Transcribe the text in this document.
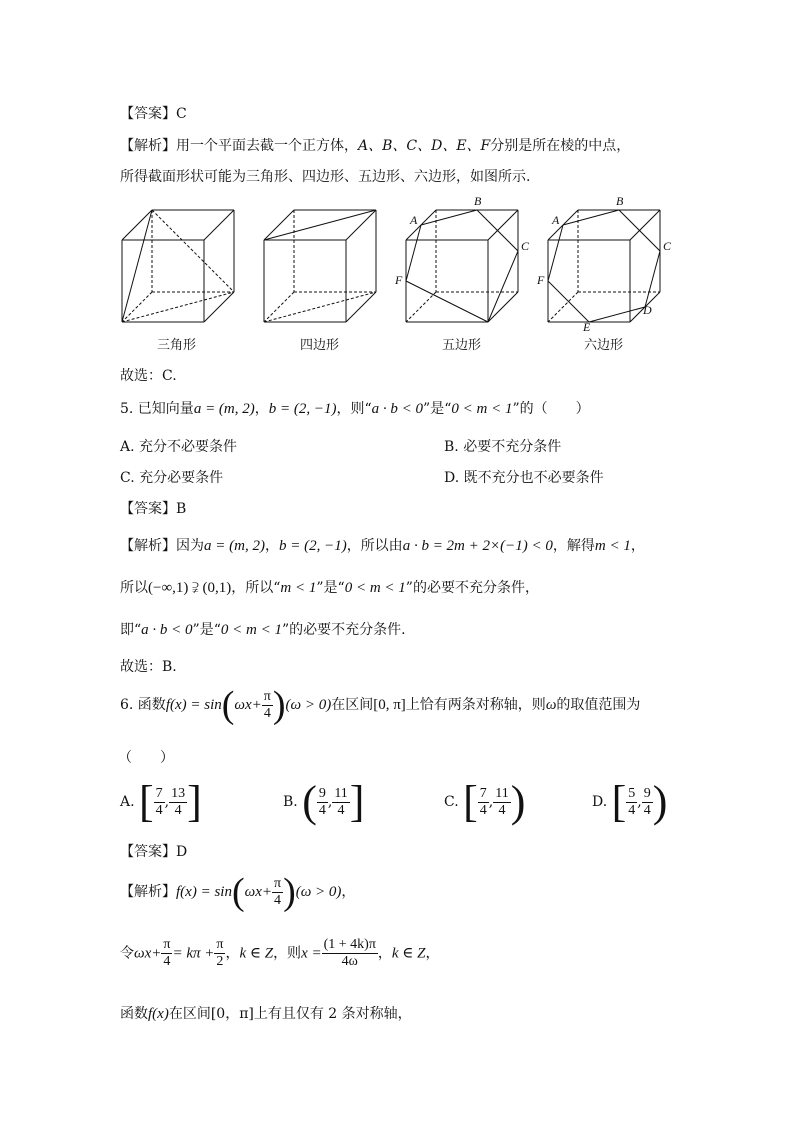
【答案】C
【解析】用一个平面去截一个正方体，A、B、C、D、E、F分别是所在棱的中点，
所得截面形状可能为三角形、四边形、五边形、六边形，如图所示.
A
B
C
F
A
B
C
F
D
E
三角形	四边形	五边形	六边形
故选：C.
5. 已知向量a = (m, 2)，b = (2, −1)，则“a · b < 0”是“0 < m < 1”的（　　）
A. 充分不必要条件	B. 必要不充分条件
C. 充分必要条件	D. 既不充分也不必要条件
【答案】B
【解析】因为a = (m, 2)，b = (2, −1)，所以由a · b = 2m + 2×(−1) < 0，解得m < 1，
所以(−∞,1) ⫌ (0,1)，所以“m < 1”是“0 < m < 1”的必要不充分条件，
即“a · b < 0”是“0 < m < 1”的必要不充分条件.
故选：B.
6. 函数$f(x) = \sin(\omega x+ \frac{\pi}{4} )(\omega > 0)$在区间[0, π]上恰有两条对称轴，则ω的取值范围为
（　　）
A. [ $\frac{7}{4}$ , $\frac{13}{4}$ ]	B. ( $\frac{9}{4}$ , $\frac{11}{4}$ ]	C. [ $\frac{7}{4}$ , $\frac{11}{4}$ )	D. [ $\frac{5}{4}$ , $\frac{9}{4}$ )
【答案】D
【解析】$f(x) = \sin(\omega x+ \frac{\pi}{4} )(\omega > 0)$，
令$\omega x+ \frac{\pi}{4} = k\pi + \frac{\pi}{2}$ ，k ∈ Z，则$x = \frac{(1 + 4k)\pi}{4\omega}$ ，k ∈ Z，
函数f(x)在区间[0，π]上有且仅有 2 条对称轴，
